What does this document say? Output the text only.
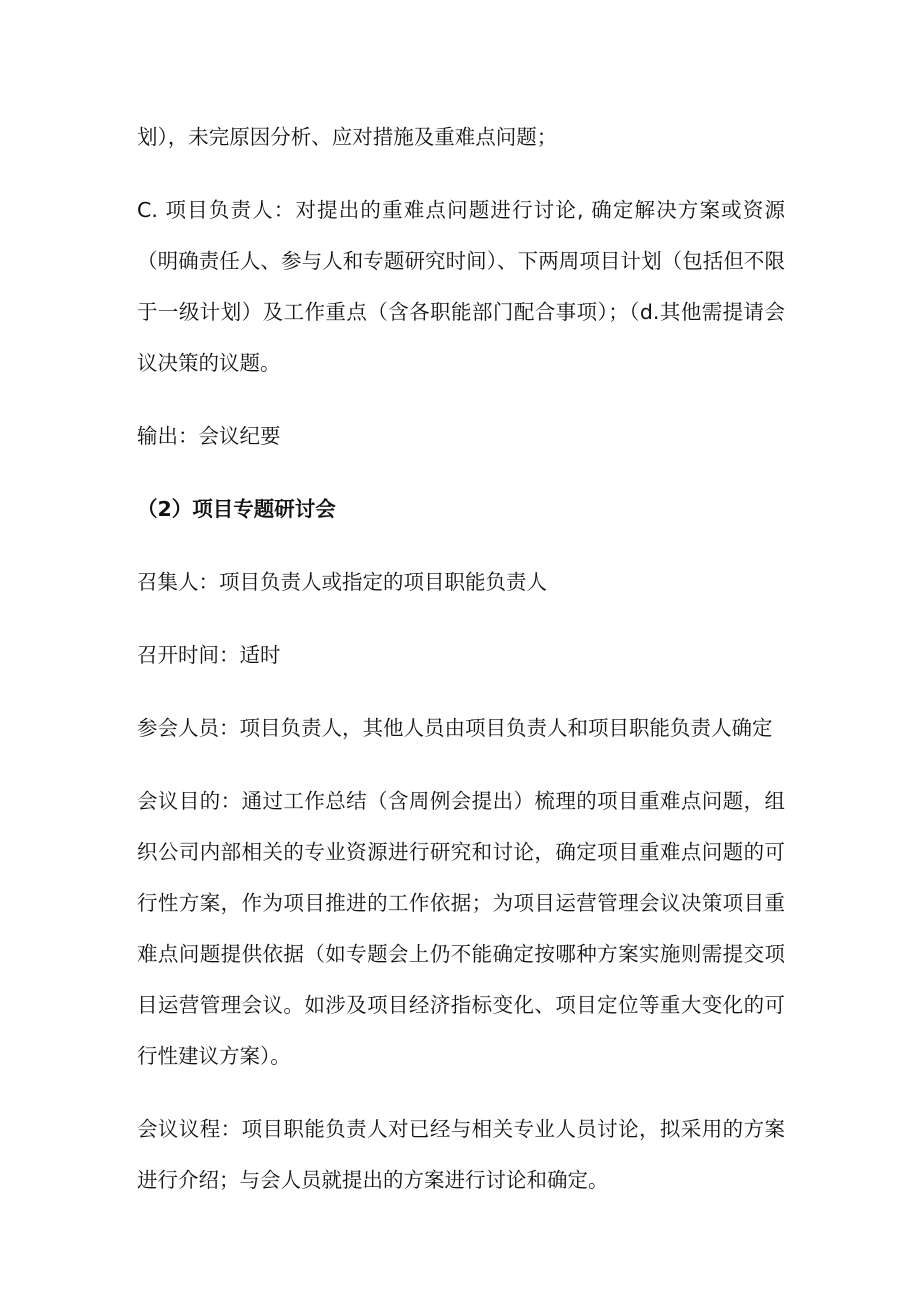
划），未完原因分析、应对措施及重难点问题；

C. 项目负责人：对提出的重难点问题进行讨论, 确定解决方案或资源（明确责任人、参与人和专题研究时间）、下两周项目计划（包括但不限于一级计划）及工作重点（含各职能部门配合事项）；（d.其他需提请会议决策的议题。

输出：会议纪要

（2）项目专题研讨会

召集人：项目负责人或指定的项目职能负责人

召开时间：适时

参会人员：项目负责人，其他人员由项目负责人和项目职能负责人确定

会议目的：通过工作总结（含周例会提出）梳理的项目重难点问题，组织公司内部相关的专业资源进行研究和讨论，确定项目重难点问题的可行性方案，作为项目推进的工作依据；为项目运营管理会议决策项目重难点问题提供依据（如专题会上仍不能确定按哪种方案实施则需提交项目运营管理会议。如涉及项目经济指标变化、项目定位等重大变化的可行性建议方案）。

会议议程：项目职能负责人对已经与相关专业人员讨论，拟采用的方案进行介绍；与会人员就提出的方案进行讨论和确定。
